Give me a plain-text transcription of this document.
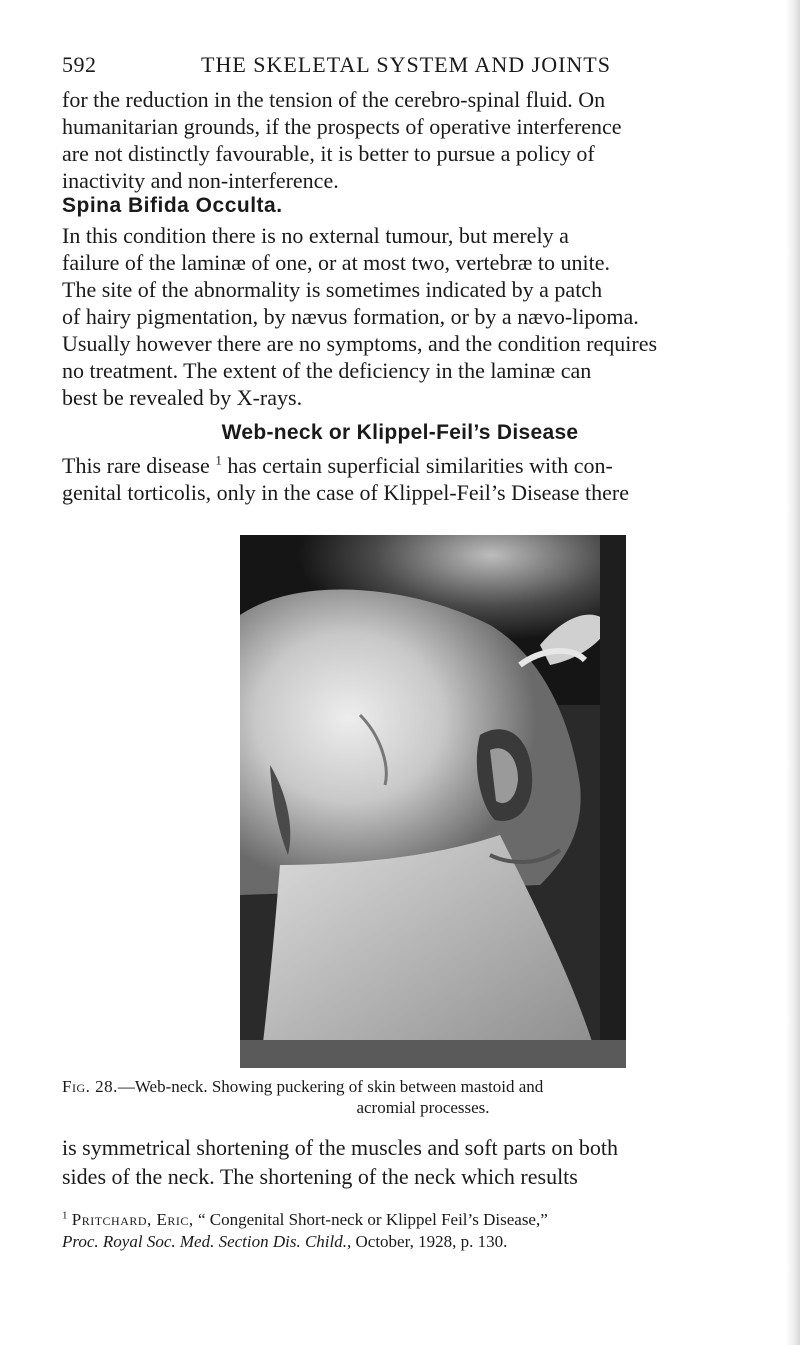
592	THE SKELETAL SYSTEM AND JOINTS
for the reduction in the tension of the cerebro-spinal fluid. On
humanitarian grounds, if the prospects of operative interference
are not distinctly favourable, it is better to pursue a policy of
inactivity and non-interference.
Spina Bifida Occulta.
In this condition there is no external tumour, but merely a
failure of the laminæ of one, or at most two, vertebræ to unite.
The site of the abnormality is sometimes indicated by a patch
of hairy pigmentation, by nævus formation, or by a nævo-lipoma.
Usually however there are no symptoms, and the condition requires
no treatment. The extent of the deficiency in the laminæ can
best be revealed by X-rays.
Web-neck or Klippel-Feil’s Disease
This rare disease $^1$ has certain superficial similarities with con-
genital torticolis, only in the case of Klippel-Feil’s Disease there
Fig. 28.—Web-neck. Showing puckering of skin between mastoid and
acromial processes.
is symmetrical shortening of the muscles and soft parts on both
sides of the neck. The shortening of the neck which results
$^1$ Pritchard, Eric, “ Congenital Short-neck or Klippel Feil’s Disease,”
Proc. Royal Soc. Med. Section Dis. Child., October, 1928, p. 130.
